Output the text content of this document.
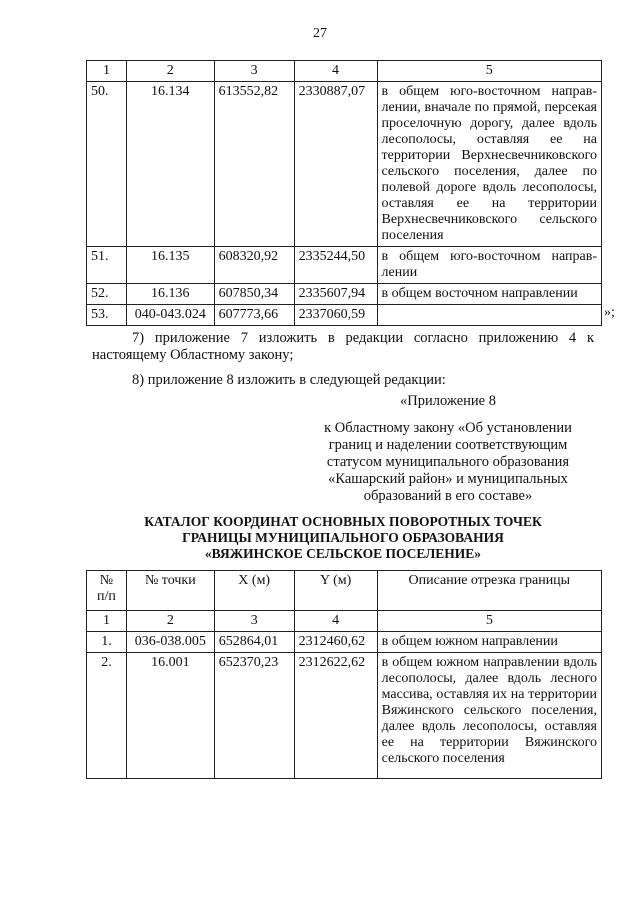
27
1	2	3	4	5
50.	16.134	613552,82	2330887,07	в общем юго-восточном направлении, вначале по прямой, персекая проселочную дорогу, далее вдоль лесополосы, оставляя ее на территории Верхнесвечниковского сельского поселения, далее по полевой дороге вдоль лесополосы, оставляя ее на территории Верхнесвечниковского сельского поселения
51.	16.135	608320,92	2335244,50	в общем юго-восточном направлении
52.	16.136	607850,34	2335607,94	в общем восточном направлении
53.	040-043.024	607773,66	2337060,59		»;
7) приложение 7 изложить в редакции согласно приложению 4 к настоящему Областному закону;
8) приложение 8 изложить в следующей редакции:
«Приложение 8
к Областному закону «Об установлении
границ и наделении соответствующим
статусом муниципального образования
«Кашарский район» и муниципальных
образований в его составе»
КАТАЛОГ КООРДИНАТ ОСНОВНЫХ ПОВОРОТНЫХ ТОЧЕК
ГРАНИЦЫ МУНИЦИПАЛЬНОГО ОБРАЗОВАНИЯ
«ВЯЖИНСКОЕ СЕЛЬСКОЕ ПОСЕЛЕНИЕ»
№
п/п	№ точки	X (м)	Y (м)	Описание отрезка границы
1	2	3	4	5
1.	036-038.005	652864,01	2312460,62	в общем южном направлении
2.	16.001	652370,23	2312622,62	в общем южном направлении вдоль лесополосы, далее вдоль лесного массива, оставляя их на территории Вяжинского сельского поселения, далее вдоль лесополосы, оставляя ее на территории Вяжинского сельского поселения
